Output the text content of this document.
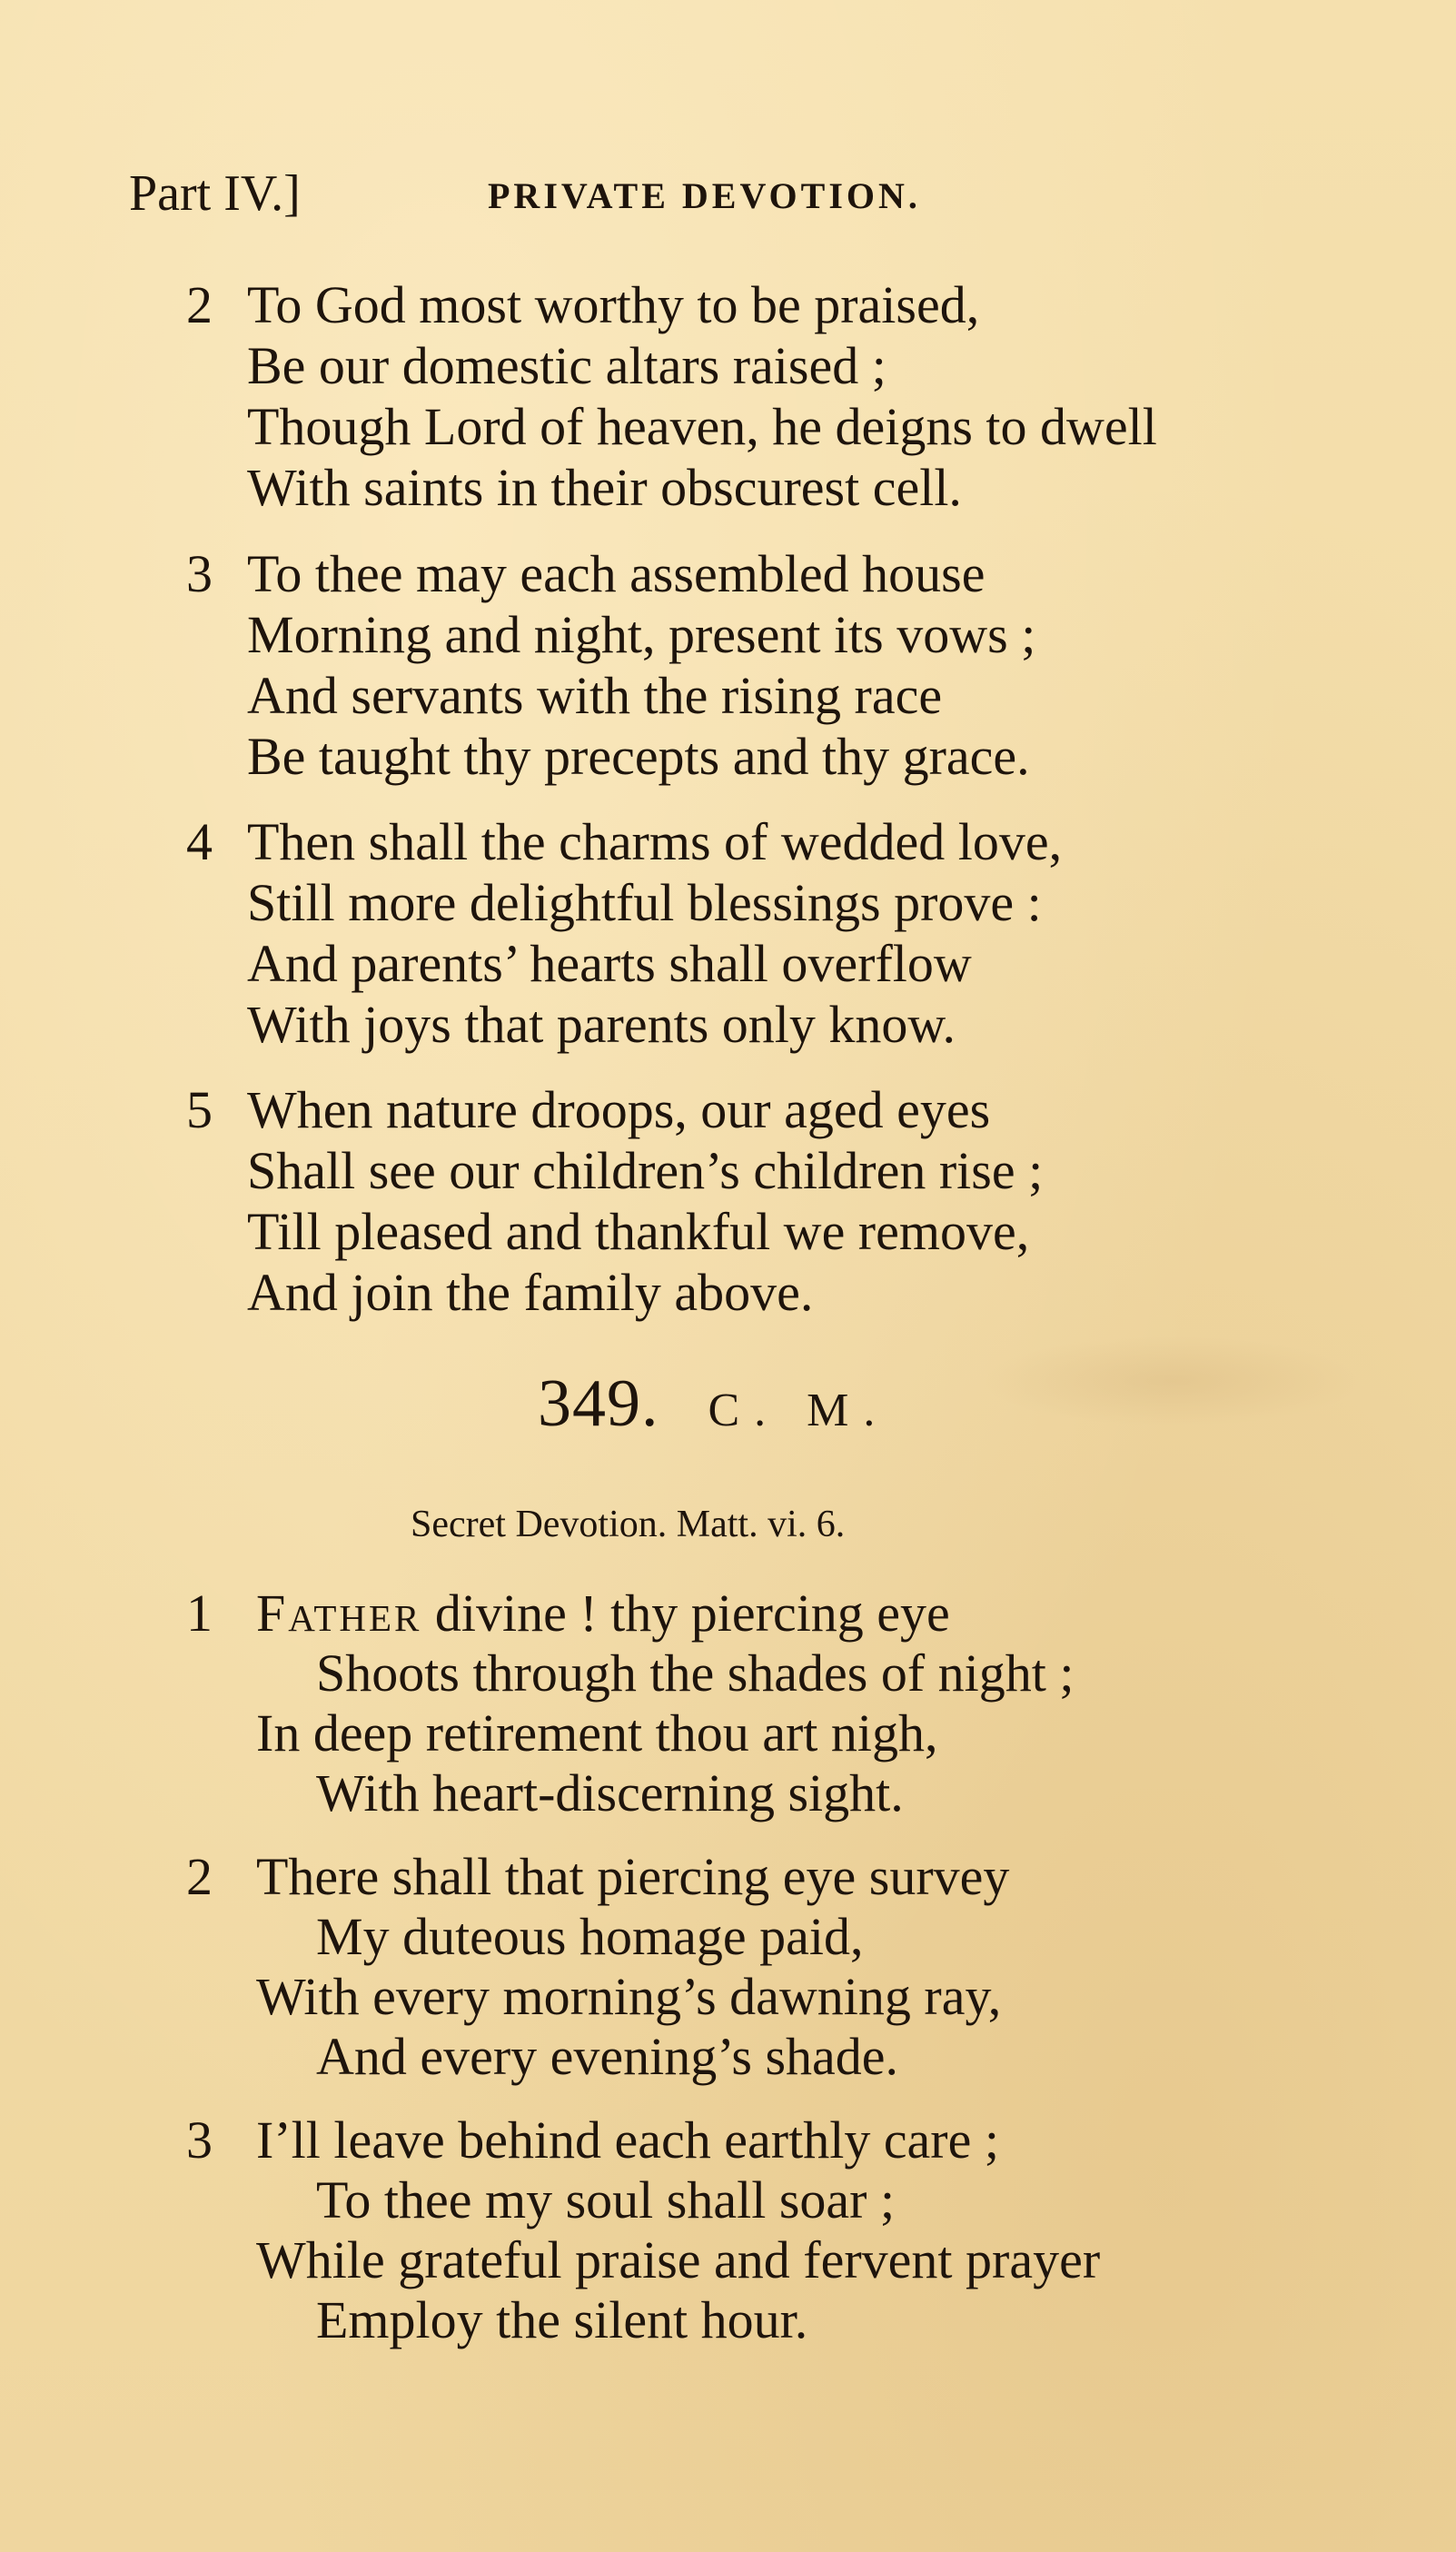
Part IV.]	PRIVATE DEVOTION.
2 To God most worthy to be praised,
Be our domestic altars raised ;
Though Lord of heaven, he deigns to dwell
With saints in their obscurest cell.
3 To thee may each assembled house
Morning and night, present its vows ;
And servants with the rising race
Be taught thy precepts and thy grace.
4 Then shall the charms of wedded love,
Still more delightful blessings prove :
And parents’ hearts shall overflow
With joys that parents only know.
5 When nature droops, our aged eyes
Shall see our children’s children rise ;
Till pleased and thankful we remove,
And join the family above.
349. C. M.
Secret Devotion. Matt. vi. 6.
1 Father divine ! thy piercing eye
Shoots through the shades of night ;
In deep retirement thou art nigh,
With heart-discerning sight.
2 There shall that piercing eye survey
My duteous homage paid,
With every morning’s dawning ray,
And every evening’s shade.
3 I’ll leave behind each earthly care ;
To thee my soul shall soar ;
While grateful praise and fervent prayer
Employ the silent hour.
